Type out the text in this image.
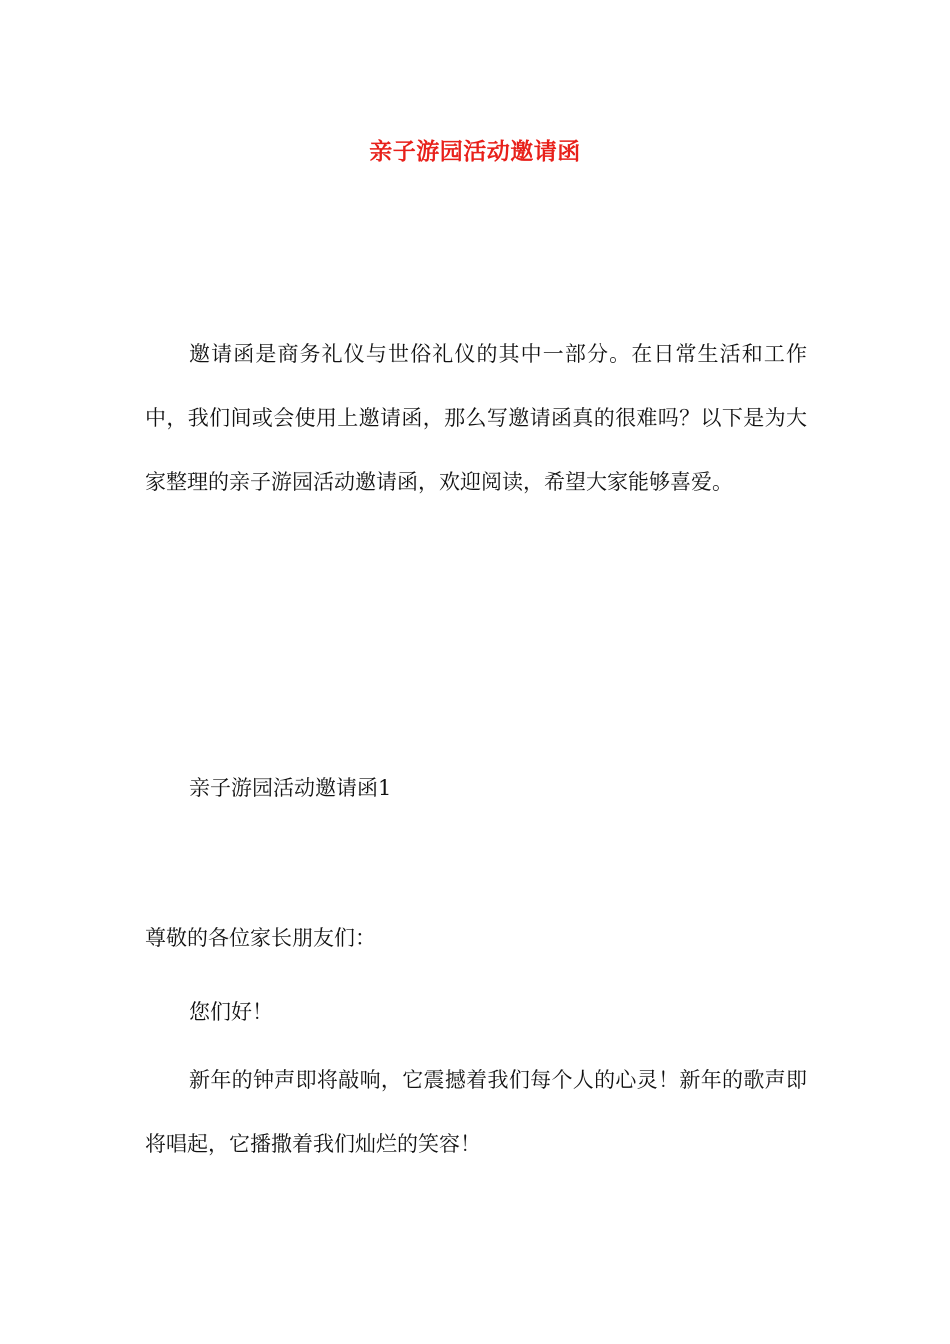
亲子游园活动邀请函

邀请函是商务礼仪与世俗礼仪的其中一部分。在日常生活和工作中，我们间或会使用上邀请函，那么写邀请函真的很难吗？以下是为大家整理的亲子游园活动邀请函，欢迎阅读，希望大家能够喜爱。

亲子游园活动邀请函1

尊敬的各位家长朋友们：

您们好！

新年的钟声即将敲响，它震撼着我们每个人的心灵！新年的歌声即将唱起，它播撒着我们灿烂的笑容！
